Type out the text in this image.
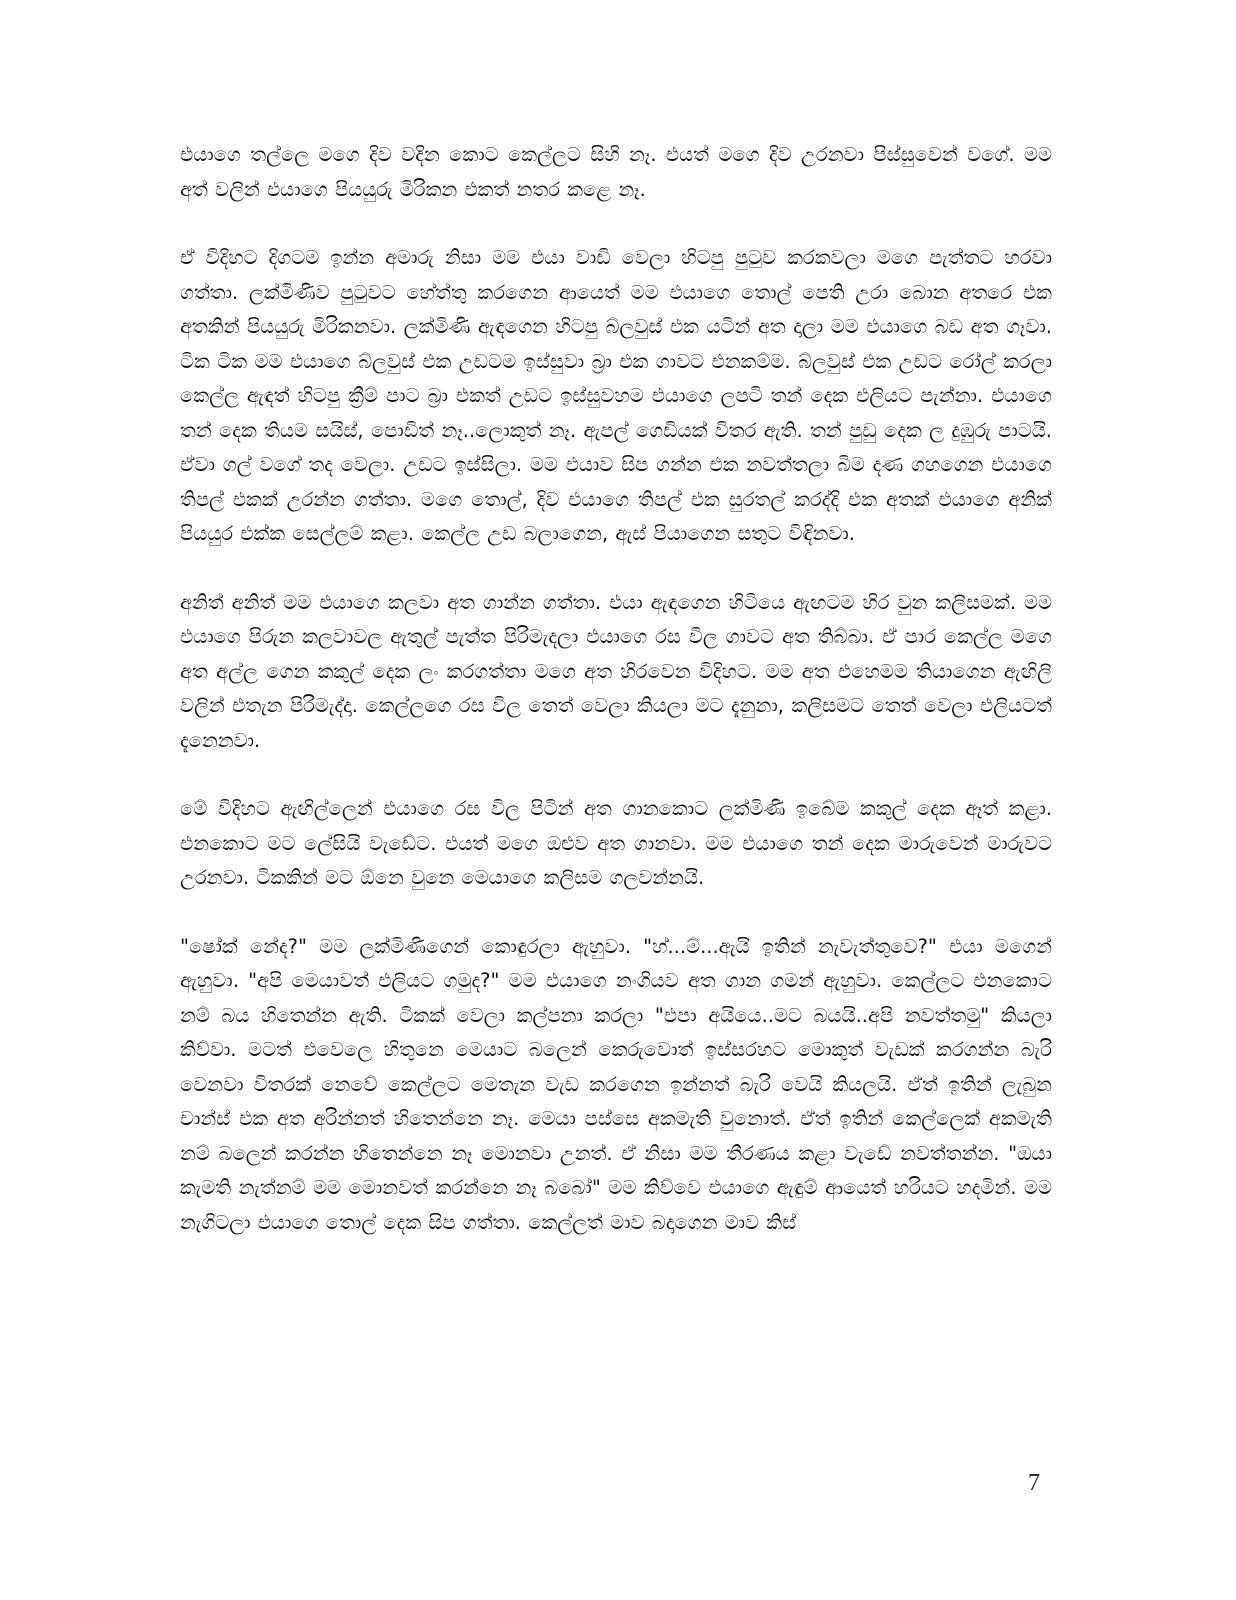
එයාගෙ තල්ලෙ මගෙ දිව වදින කොට කෙල්ලට සිහි නෑ. එයත් මගෙ දිව උරනවා පිස්සුවෙන් වගේ. මම අත් වලින් එයාගෙ පියයුරු මිරිකන එකත් නතර කළෙ නෑ.

ඒ විදිහට දිගටම ඉන්න අමාරු නිසා මම එයා වාඩි වෙලා හිටපු පුටුව කරකවලා මගෙ පැත්තට හරවා ගත්තා. ලක්මිණිව පුටුවට හේත්තු කරගෙන ආයෙත් මම එයාගෙ තොල් පෙති උරා බොන අතරෙ එක අතකින් පියයුරු මිරිකනවා. ලක්මිණි ඇඳගෙන හිටපු බ්ලවුස් එක යටින් අත දාලා මම එයාගෙ බඩ අත ගෑවා. ටික ටික මම එයාගෙ බ්ලවුස් එක උඩටම ඉස්සුවා බ්‍රා එක ගාවට එනකම්ම. බ්ලවුස් එක උඩට රෝල් කරලා කෙල්ල ඇඳත් හිටපු ක්‍රීම් පාට බ්‍රා එකත් උඩට ඉස්සුවහම එයාගෙ ලපටි තන් දෙක එලියට පැන්නා. එයාගෙ තන් දෙක තියම සයිස්, පොඩිත් නෑ..ලොකුත් නෑ. ඇපල් ගෙඩියක් විතර ඇති. තන් පුඩු දෙක ල දුඹුරු පාටයි. ඒවා ගල් වගේ තද වෙලා. උඩට ඉස්සිලා. මම එයාව සිප ගන්න එක නවත්තලා බිම දණ ගහගෙන එයාගෙ තිපල් එකක් උරන්න ගත්තා. මගෙ තොල්, දිව එයාගෙ තිපල් එක සුරතල් කරද්දි එක අතක් එයාගෙ අනික් පියයුර එක්ක සෙල්ලම් කළා. කෙල්ල උඩ බලාගෙන, ඇස් පියාගෙන සතුට විඳිනවා.

අනිත් අනිත් මම එයාගෙ කලවා අත ගාන්න ගත්තා. එයා ඇඳගෙන හිටියෙ ඇඟටම හිර වුන කලිසමක්. මම එයාගෙ පිරුන කලවාවල ඇතුල් පැත්ත පිරිමැදලා එයාගෙ රස විල ගාවට අත තිබ්බා. ඒ පාර කෙල්ල මගෙ අත අල්ල ගෙන කකුල් දෙක ලං කරගත්තා මගෙ අත හිරවෙන විදිහට. මම අත එහෙමම තියාගෙන ඇඟිලි වලින් එතැන පිරිමැද්දා. කෙල්ලගෙ රස විල තෙත් වෙලා කියලා මට දැනුනා, කලිසමට තෙත් වෙලා එලියටත් දැනෙනවා.

මේ විදිහට ඇඟිල්ලෙන් එයාගෙ රස විල පිටින් අත ගානකොට ලක්මිණි ඉබේම කකුල් දෙක ඈත් කළා. එනකොට මට ලේසියි වැඩේට. එයත් මගෙ ඔළුව අත ගානවා. මම එයාගෙ තන් දෙක මාරුවෙන් මාරුවට උරනවා. ටිකකින් මට ඕනෙ වුනෙ මෙයාගෙ කලිසම ගලවන්නයි.

"ෂෝක් නේද?" මම ලක්මිණිගෙන් කොඳුරලා ඇහුවා. "හ්...ම්...ඇයි ඉතින් නැවැත්තුවෙ?" එයා මගෙන් ඇහුවා. "අපි මෙයාවත් එලියට ගමුද?" මම එයාගෙ නංගියව අත ගාන ගමන් ඇහුවා. කෙල්ලට එනකොට නම් බය හිතෙන්න ඇති. ටිකක් වෙලා කල්පනා කරලා "එපා අයියෙ..මට බයයි..අපි නවත්තමු" කියලා කිව්වා. මටත් එවෙලෙ හිතුනෙ මෙයාට බලෙන් කෙරුවොත් ඉස්සරහට මොකුත් වැඩක් කරගන්න බැරි වෙනවා විතරක් නෙවේ කෙල්ලට මෙතැන වැඩ කරගෙන ඉන්නත් බැරි වෙයි කියලයි. ඒත් ඉතින් ලැබුන චාන්ස් එක අත අරින්නත් හිතෙන්නෙ නෑ. මෙයා පස්සෙ අකමැති වුනොත්. ඒත් ඉතින් කෙල්ලෙක් අකමැති නම් බලෙන් කරන්න හිතෙන්නෙ නෑ මොනවා උනත්. ඒ නිසා මම තීරණය කළා වැඩේ නවත්තන්න. "ඔයා කැමති නැත්නම් මම මොනවත් කරන්නෙ නෑ බබෝ" මම කිව්වෙ එයාගෙ ඇඳුම් ආයෙත් හරියට හදමින්. මම නැගිටලා එයාගෙ තොල් දෙක සිප ගත්තා. කෙල්ලත් මාව බදාගෙන මාව කිස්

7
